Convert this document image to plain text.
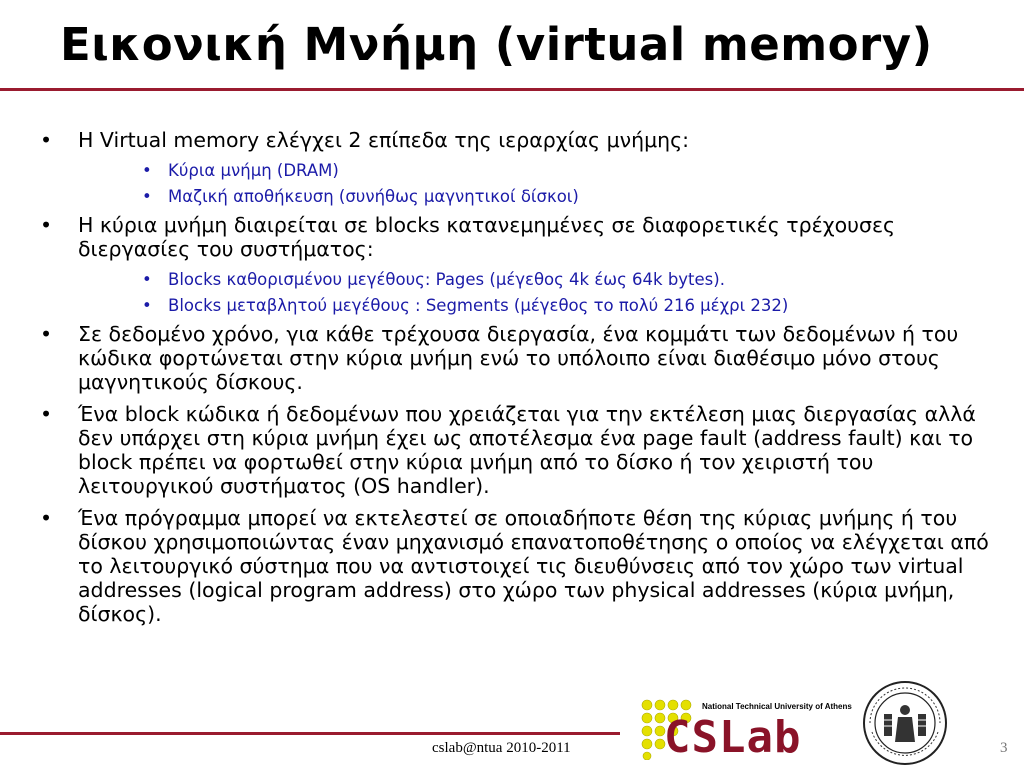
Εικονική Μνήμη (virtual memory)
• Η Virtual memory ελέγχει 2 επίπεδα της ιεραρχίας μνήμης:
• Κύρια μνήμη (DRAM)
• Μαζική αποθήκευση (συνήθως μαγνητικοί δίσκοι)
• Η κύρια μνήμη διαιρείται σε blocks κατανεμημένες σε διαφορετικές τρέχουσες διεργασίες του συστήματος:
• Blocks καθορισμένου μεγέθους: Pages (μέγεθος 4k έως 64k bytes).
• Blocks μεταβλητού μεγέθους : Segments (μέγεθος το πολύ 216 μέχρι 232)
• Σε δεδομένο χρόνο, για κάθε τρέχουσα διεργασία, ένα κομμάτι των δεδομένων ή του κώδικα φορτώνεται στην κύρια μνήμη ενώ το υπόλοιπο είναι διαθέσιμο μόνο στους μαγνητικούς δίσκους.
• Ένα block κώδικα ή δεδομένων που χρειάζεται για την εκτέλεση μιας διεργασίας αλλά δεν υπάρχει στη κύρια μνήμη έχει ως αποτέλεσμα ένα page fault (address fault) και το block πρέπει να φορτωθεί στην κύρια μνήμη από το δίσκο ή τον χειριστή του λειτουργικού συστήματος (OS handler).
• Ένα πρόγραμμα μπορεί να εκτελεστεί σε οποιαδήποτε θέση της κύριας μνήμης ή του δίσκου χρησιμοποιώντας έναν μηχανισμό επανατοποθέτησης ο οποίος να ελέγχεται από το λειτουργικό σύστημα που να αντιστοιχεί τις διευθύνσεις από τον χώρο των virtual addresses (logical program address) στο χώρο των physical addresses (κύρια μνήμη, δίσκος).
cslab@ntua 2010-2011	3
National Technical University of Athens
CSLab
